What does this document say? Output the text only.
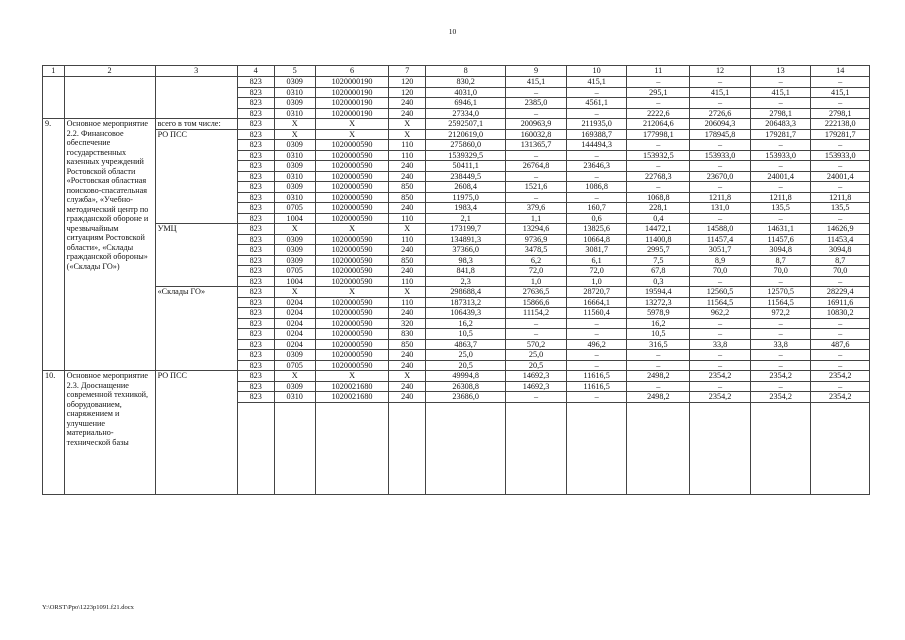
10
1	2	3	4	5	6	7	8	9	10	11	12	13	14
			823	0309	1020000190	120	830,2	415,1	415,1	–	–	–	–
			823	0310	1020000190	120	4031,0	–	–	295,1	415,1	415,1	415,1
			823	0309	1020000190	240	6946,1	2385,0	4561,1	–	–	–	–
			823	0310	1020000190	240	27334,0	–	–	2222,6	2726,6	2798,1	2798,1
9.	Основное мероприятие 2.2. Финансовое обеспечение государственных казенных учреждений Ростовской области «Ростовская областная поисково-спасательная служба», «Учебно-методический центр по гражданской обороне и чрезвычайным ситуациям Ростовской области», «Склады гражданской обороны» («Склады ГО»)	всего в том числе:	823	Х	Х	Х	2592507,1	200963,9	211935,0	212064,6	206094,3	206483,3	222138,0
		РО ПСС	823	Х	Х	Х	2120619,0	160032,8	169388,7	177998,1	178945,8	179281,7	179281,7
			823	0309	1020000590	110	275860,0	131365,7	144494,3	–	–	–	–
			823	0310	1020000590	110	1539329,5	–	–	153932,5	153933,0	153933,0	153933,0
			823	0309	1020000590	240	50411,1	26764,8	23646,3	–	–	–	–
			823	0310	1020000590	240	238449,5	–	–	22768,3	23670,0	24001,4	24001,4
			823	0309	1020000590	850	2608,4	1521,6	1086,8	–	–	–	–
			823	0310	1020000590	850	11975,0	–	–	1068,8	1211,8	1211,8	1211,8
			823	0705	1020000590	240	1983,4	379,6	160,7	228,1	131,0	135,5	135,5
			823	1004	1020000590	110	2,1	1,1	0,6	0,4	–	–	–
		УМЦ	823	Х	Х	Х	173199,7	13294,6	13825,6	14472,1	14588,0	14631,1	14626,9
			823	0309	1020000590	110	134891,3	9736,9	10664,8	11400,8	11457,4	11457,6	11453,4
			823	0309	1020000590	240	37366,0	3478,5	3081,7	2995,7	3051,7	3094,8	3094,8
			823	0309	1020000590	850	98,3	6,2	6,1	7,5	8,9	8,7	8,7
			823	0705	1020000590	240	841,8	72,0	72,0	67,8	70,0	70,0	70,0
			823	1004	1020000590	110	2,3	1,0	1,0	0,3	–	–	–
		«Склады ГО»	823	Х	Х	Х	298688,4	27636,5	28720,7	19594,4	12560,5	12570,5	28229,4
			823	0204	1020000590	110	187313,2	15866,6	16664,1	13272,3	11564,5	11564,5	16911,6
			823	0204	1020000590	240	106439,3	11154,2	11560,4	5978,9	962,2	972,2	10830,2
			823	0204	1020000590	320	16,2	–	–	16,2	–	–	–
			823	0204	1020000590	830	10,5	–	–	10,5	–	–	–
			823	0204	1020000590	850	4863,7	570,2	496,2	316,5	33,8	33,8	487,6
			823	0309	1020000590	240	25,0	25,0	–	–	–	–	–
			823	0705	1020000590	240	20,5	20,5	–	–	–	–	–
10.	Основное мероприятие 2.3. Дооснащение современной техникой, оборудованием, снаряжением и улучшение материально-технической базы	РО ПСС	823	Х	Х	Х	49994,8	14692,3	11616,5	2498,2	2354,2	2354,2	2354,2
			823	0309	1020021680	240	26308,8	14692,3	11616,5	–	–	–	–
			823	0310	1020021680	240	23686,0	–	–	2498,2	2354,2	2354,2	2354,2

Y:\ORST\Ppo\1223p1091.f21.docx
